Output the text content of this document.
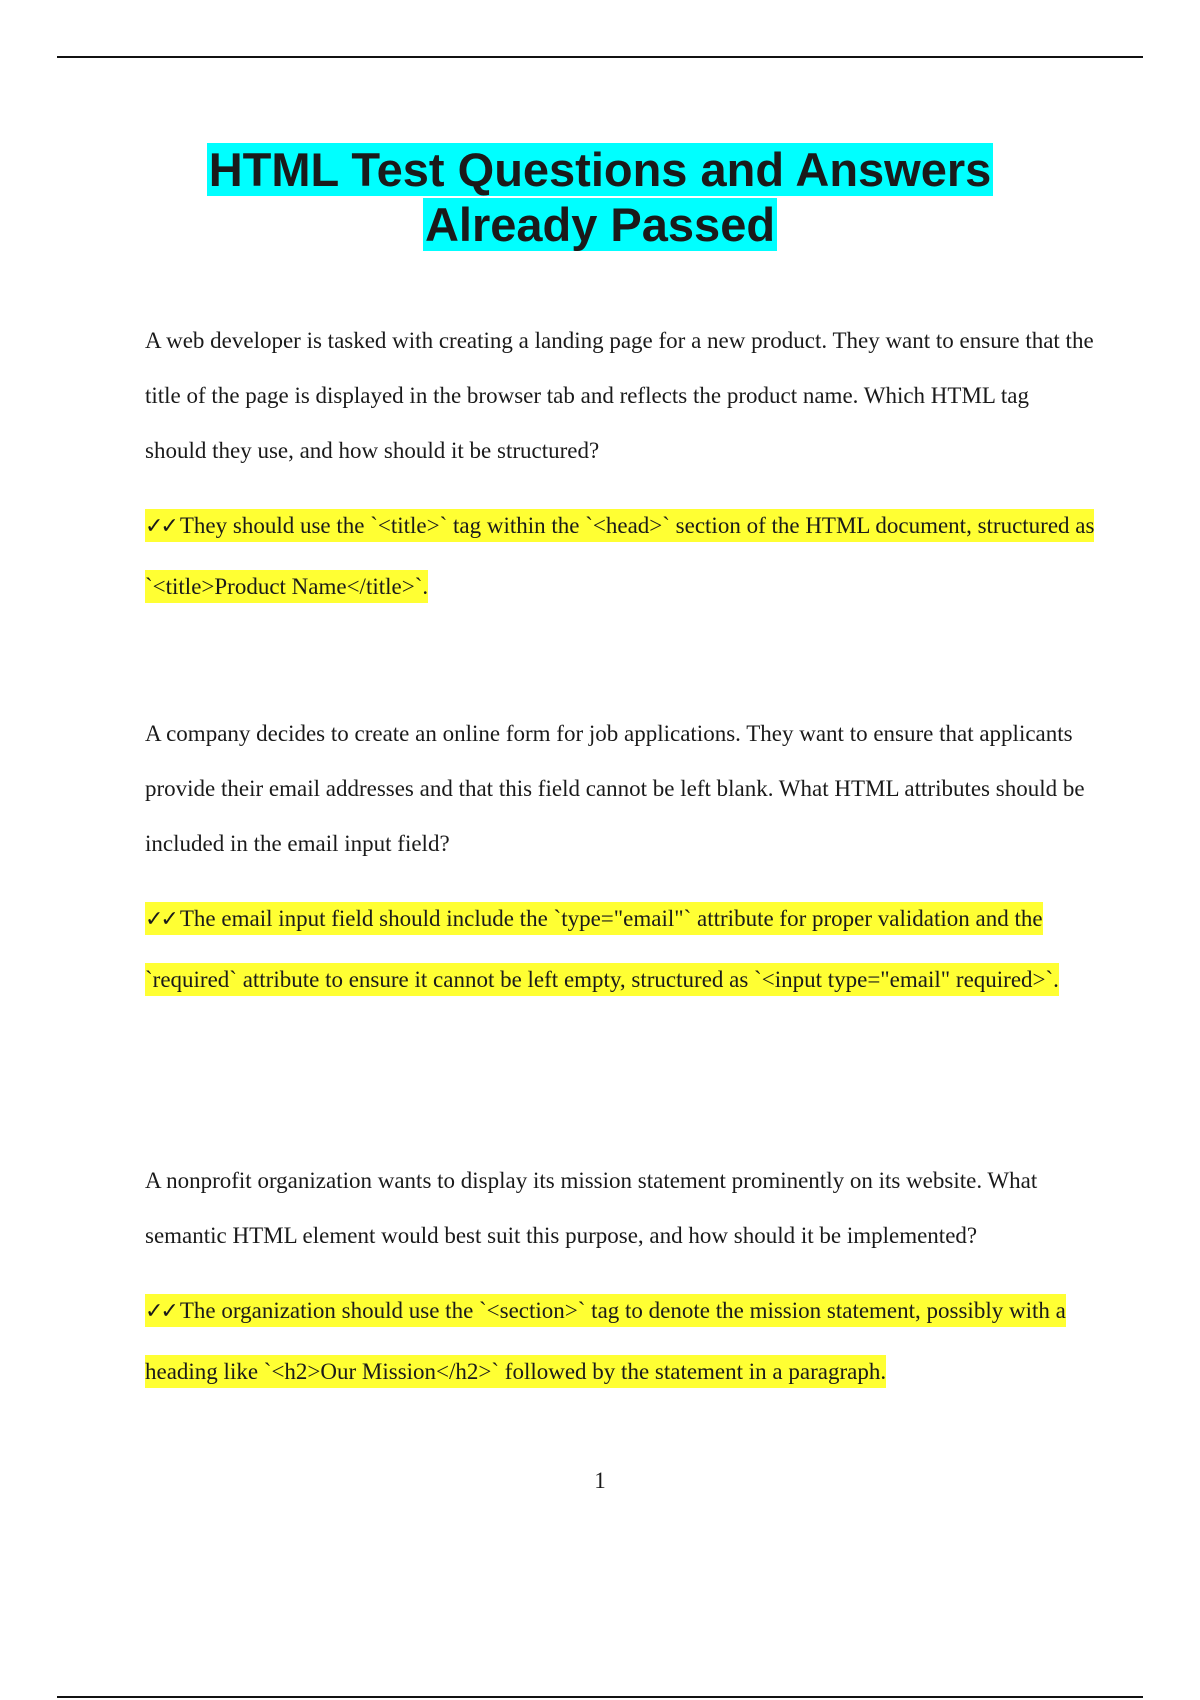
HTML Test Questions and Answers
Already Passed

A web developer is tasked with creating a landing page for a new product. They want to ensure that the title of the page is displayed in the browser tab and reflects the product name. Which HTML tag should they use, and how should it be structured?

✓✓ They should use the `<title>` tag within the `<head>` section of the HTML document, structured as `<title>Product Name</title>`.

A company decides to create an online form for job applications. They want to ensure that applicants provide their email addresses and that this field cannot be left blank. What HTML attributes should be included in the email input field?

✓✓ The email input field should include the `type="email"` attribute for proper validation and the `required` attribute to ensure it cannot be left empty, structured as `<input type="email" required>`.

A nonprofit organization wants to display its mission statement prominently on its website. What semantic HTML element would best suit this purpose, and how should it be implemented?

✓✓ The organization should use the `<section>` tag to denote the mission statement, possibly with a heading like `<h2>Our Mission</h2>` followed by the statement in a paragraph.

1
